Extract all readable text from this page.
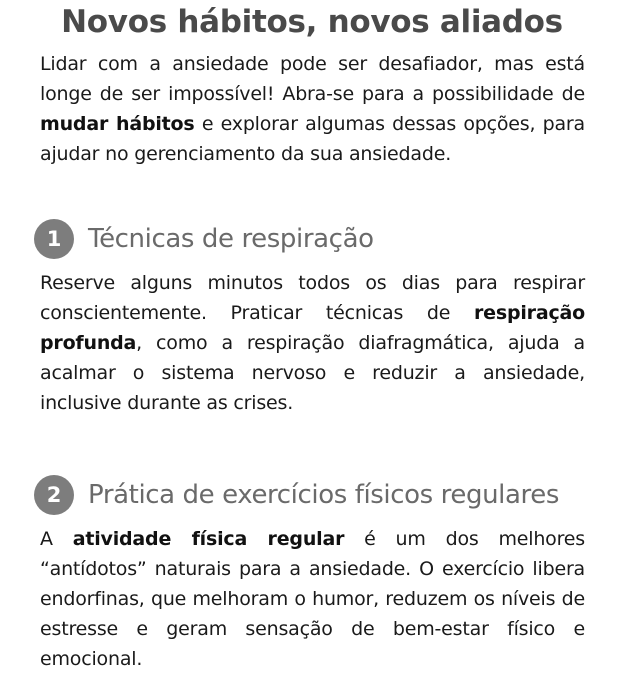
Novos hábitos, novos aliados

Lidar com a ansiedade pode ser desafiador, mas está longe de ser impossível! Abra-se para a possibilidade de mudar hábitos e explorar algumas dessas opções, para ajudar no gerenciamento da sua ansiedade.

1	Técnicas de respiração

Reserve alguns minutos todos os dias para respirar conscientemente. Praticar técnicas de respiração profunda, como a respiração diafragmática, ajuda a acalmar o sistema nervoso e reduzir a ansiedade, inclusive durante as crises.

2	Prática de exercícios físicos regulares

A atividade física regular é um dos melhores “antídotos” naturais para a ansiedade. O exercício libera endorfinas, que melhoram o humor, reduzem os níveis de estresse e geram sensação de bem-estar físico e emocional.
